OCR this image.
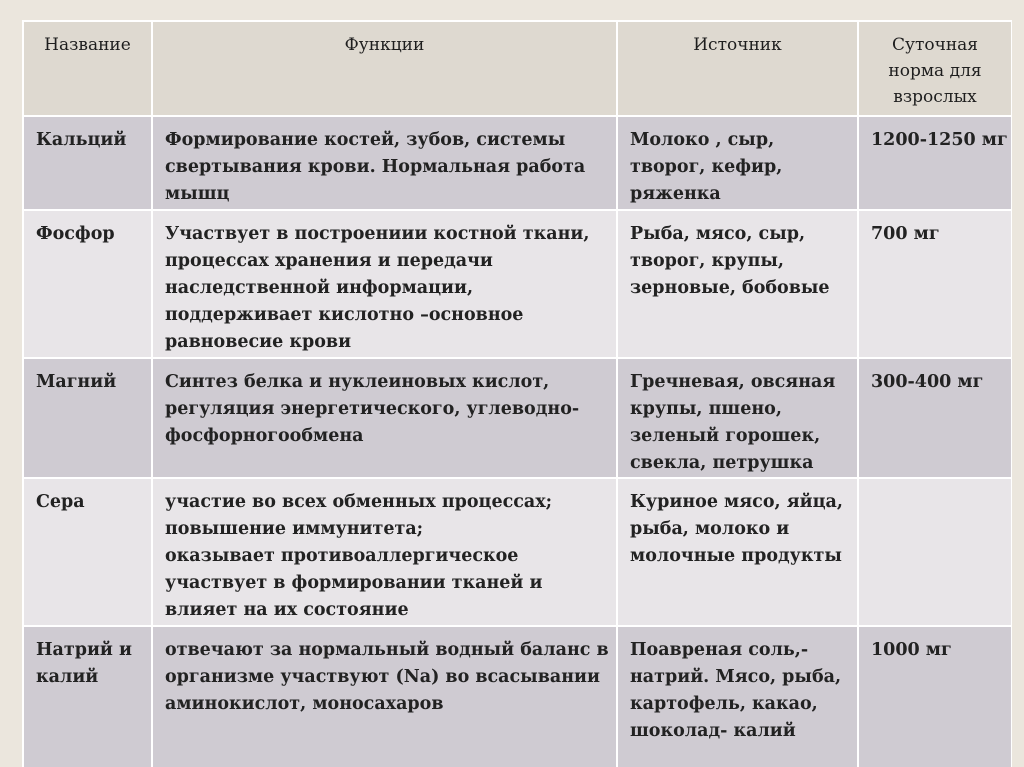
Название	Функции	Источник	Суточная
норма для
взрослых

Кальций	Формирование костей, зубов, системы
свертывания крови. Нормальная работа
мышц	Молоко , сыр,
творог, кефир,
ряженка	1200-1250 мг

Фосфор	Участвует в построениии костной ткани,
процессах хранения и передачи
наследственной информации,
поддерживает кислотно –основное
равновесие крови	Рыба, мясо, сыр,
творог, крупы,
зерновые, бобовые	700 мг

Магний	Синтез белка и нуклеиновых кислот,
регуляция энергетического, углеводно-
фосфорногообмена	Гречневая, овсяная
крупы, пшено,
зеленый горошек,
свекла, петрушка	300-400 мг

Сера	участие во всех обменных процессах;
повышение иммунитета;
оказывает противоаллергическое
участвует в формировании тканей и
влияет на их состояние	Куриное мясо, яйца,
рыба, молоко и
молочные продукты	

Натрий и
калий	отвечают за нормальный водный баланс в
организме участвуют (Na) во всасывании
аминокислот, моносахаров	Поавреная соль,-
натрий. Мясо, рыба,
картофель, какао,
шоколад- калий	1000 мг
